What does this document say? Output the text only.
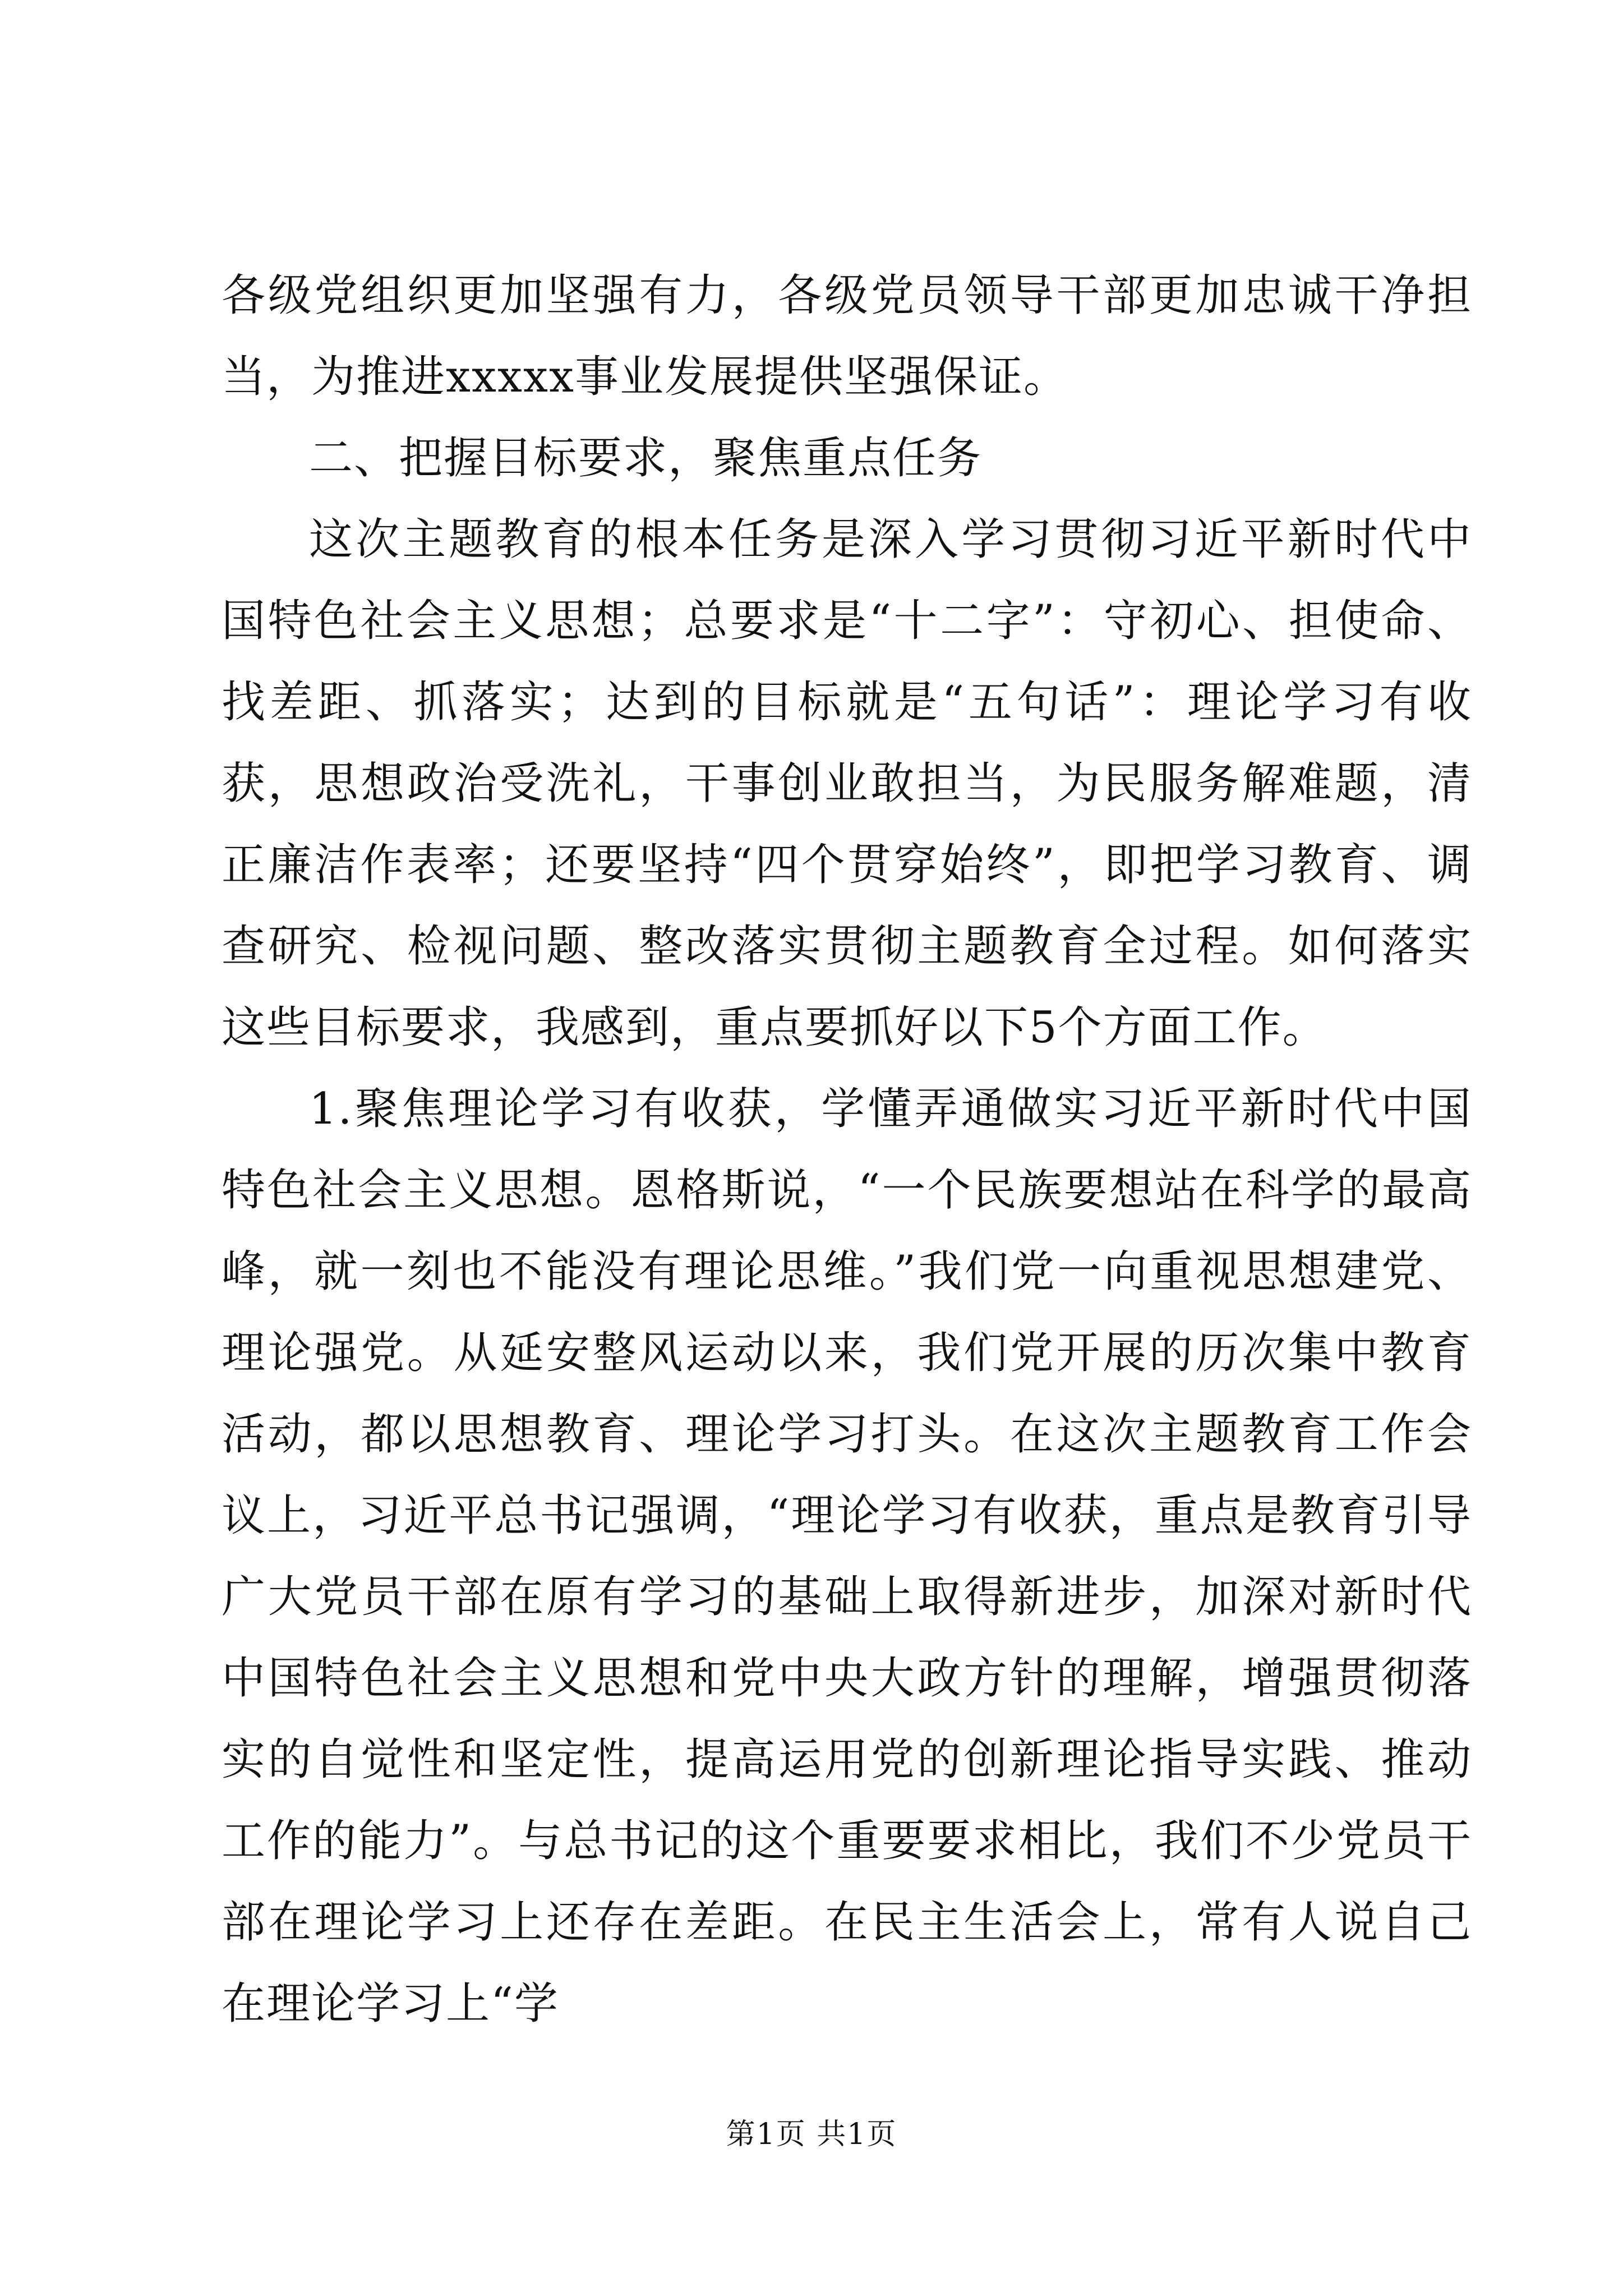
各级党组织更加坚强有力，各级党员领导干部更加忠诚干净担当，为推进xxxxx事业发展提供坚强保证。

二、把握目标要求，聚焦重点任务

这次主题教育的根本任务是深入学习贯彻习近平新时代中国特色社会主义思想；总要求是“十二字”：守初心、担使命、找差距、抓落实；达到的目标就是“五句话”：理论学习有收获，思想政治受洗礼，干事创业敢担当，为民服务解难题，清正廉洁作表率；还要坚持“四个贯穿始终”，即把学习教育、调查研究、检视问题、整改落实贯彻主题教育全过程。如何落实这些目标要求，我感到，重点要抓好以下5个方面工作。

1.聚焦理论学习有收获，学懂弄通做实习近平新时代中国特色社会主义思想。恩格斯说，“一个民族要想站在科学的最高峰，就一刻也不能没有理论思维。”我们党一向重视思想建党、理论强党。从延安整风运动以来，我们党开展的历次集中教育活动，都以思想教育、理论学习打头。在这次主题教育工作会议上，习近平总书记强调，“理论学习有收获，重点是教育引导广大党员干部在原有学习的基础上取得新进步，加深对新时代中国特色社会主义思想和党中央大政方针的理解，增强贯彻落实的自觉性和坚定性，提高运用党的创新理论指导实践、推动工作的能力”。与总书记的这个重要要求相比，我们不少党员干部在理论学习上还存在差距。在民主生活会上，常有人说自己在理论学习上“学

第1页 共1页
